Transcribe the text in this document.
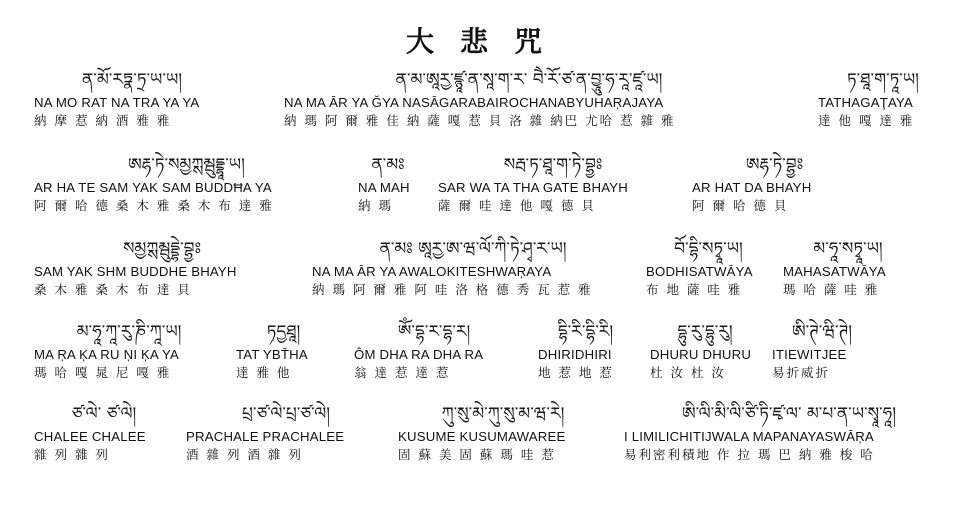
大悲咒
ན་མོ་རཏྣ་ཏྲ་ཡ་ཡ།
NA MO RAT NA TRA YA YA
納 摩 惹 納 酒 雅 雅
ན་མ་ཨཱརྱ་ཛྙཱ་ན་སཱ་ག་ར་ བཻ་རོ་ཙ་ན་བྱཱུ་ཧ་རཱ་ཛཱ་ཡ།
NA MA ĀR YA ĞYA NASĀGARABAIROCHANABYUHAŖAJAYA
納 瑪 阿 爾 雅 佳 納 薩 嘎 惹 貝 洛 雜 納巴 尤哈 惹 雜 雅
ཏ་ཐཱ་ག་ཏཱ་ཡ།
TATHAGAŢAYA
達 他 嘎 達 雅
ཨརྷ་ཏེ་སམྱཀྶམྦུདྡྷཱ་ཡ།
AR HA TE SAM YAK SAM BUDDĦA YA
阿 爾 哈 德 桑 木 雅 桑 木 布 達 雅
ན་མཿ
NA MAH
納 瑪
སརྦ་ཏ་ཐཱ་ག་ཏེ་བྷྱཿ
SAR WA TA THA GATE BHAYH
薩 爾 哇 達 他 嘎 德 貝
ཨརྷ་ཏེ་བྷྱཿ
AR HAT DA BHAYH
阿 爾 哈 德 貝
སམྱཀྶམྦུདྡྷེ་བྷྱཿ
SAM YAK SHM BUDDHE BHAYH
桑 木 雅 桑 木 布 達 貝
ན་མཿ ཨཱརྱ་ཨ་ཝ་ལོ་ཀི་ཏེ་ཤྭ་ར་ཡ།
NA MA ĀR YA AWALOKITESHWAŖAYA
納 瑪 阿 爾 雅 阿 哇 洛 格 德 秀 瓦 惹 雅
བོ་དྷི་སཏྭཱ་ཡ།
BODHISATWĀYA
布 地 薩 哇 雅
མ་ཧཱ་སཏྭཱ་ཡ།
MAHASATWĀYA
瑪 哈 薩 哇 雅
མ་ཧཱ་ཀཱ་རུ་ཎི་ཀཱ་ཡ།
MA ŖA ĶA RU ŅI ĶA YA
瑪 哈 嘎 晁 尼 嘎 雅
ཏདྱཐཱ།
TAT YBŤHA
達 雅 他
ཨོཾ་དྷ་ར་དྷ་ར།
ÔM DHA RA DHA RA
翁 達 惹 達 惹
དྷི་རི་དྷི་རི།
DHIRIDHIRI
地 惹 地 惹
དྷུ་རུ་དྷུ་རུ།
DHURU DHURU
杜 汝 杜 汝
ཨི་ཊེ་ཝི་ཊེ།
ITIEWITJEE
易折威折
ཙ་ལེ་ ཙ་ལེ།
CHALEE CHALEE
雜 列 雜 列
པྲ་ཙ་ལེ་པྲ་ཙ་ལེ།
PRACHALE PRACHALEE
酒 雜 列 酒 雜 列
ཀུ་སུ་མེ་ཀུ་སུ་མ་ཝ་རེ།
KUSUME KUSUMAWAREE
固 蘇 美 固 蘇 瑪 哇 惹
ཨི་ལི་མི་ལི་ཙི་ཏི་ཛྭ་ལ་ མ་པ་ན་ཡ་སྭཱ་ཧཱ།
I LIMILICHITIJWALA MAPANAYASWĀŖA
易利密利積地 作 拉 瑪 巴 納 雅 梭 哈
